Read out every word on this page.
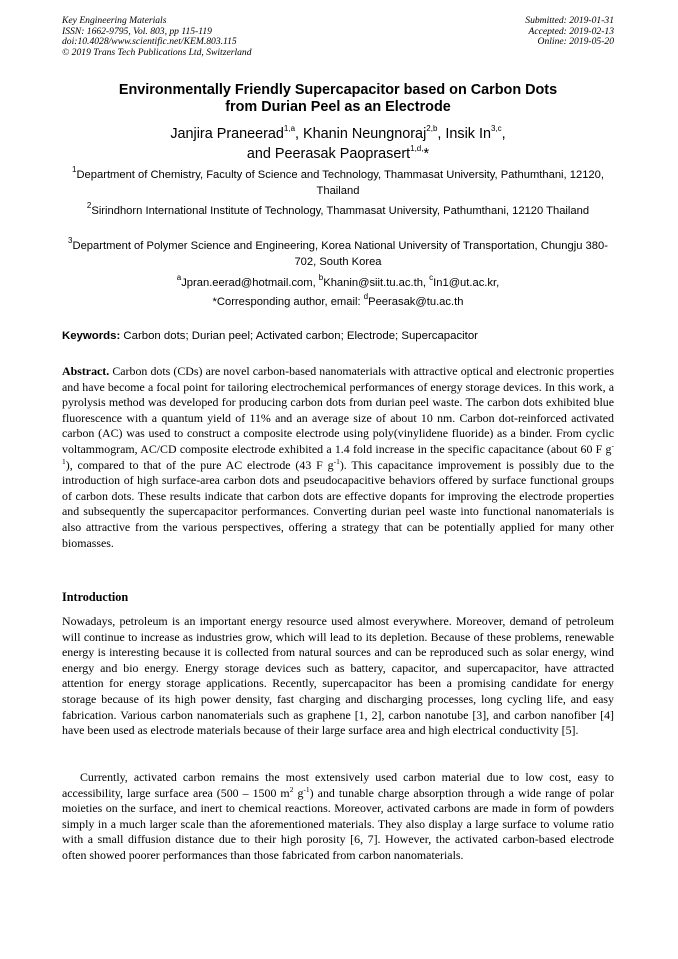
Key Engineering Materials
ISSN: 1662-9795, Vol. 803, pp 115-119
doi:10.4028/www.scientific.net/KEM.803.115
© 2019 Trans Tech Publications Ltd, Switzerland
Submitted: 2019-01-31
Accepted: 2019-02-13
Online: 2019-05-20
Environmentally Friendly Supercapacitor based on Carbon Dots
from Durian Peel as an Electrode
Janjira Praneerad$^{1,a}$, Khanin Neungnoraj$^{2,b}$, Insik In$^{3,c}$,
and Peerasak Paoprasert$^{1,d,}$*
$^1$Department of Chemistry, Faculty of Science and Technology, Thammasat University, Pathumthani, 12120, Thailand
$^2$Sirindhorn International Institute of Technology, Thammasat University, Pathumthani, 12120 Thailand
$^3$Department of Polymer Science and Engineering, Korea National University of Transportation, Chungju 380-702, South Korea
$^a$Jpran.eerad@hotmail.com, $^b$Khanin@siit.tu.ac.th, $^c$In1@ut.ac.kr,
*Corresponding author, email: $^d$Peerasak@tu.ac.th
Keywords: Carbon dots; Durian peel; Activated carbon; Electrode; Supercapacitor
Abstract. Carbon dots (CDs) are novel carbon-based nanomaterials with attractive optical and electronic properties and have become a focal point for tailoring electrochemical performances of energy storage devices. In this work, a pyrolysis method was developed for producing carbon dots from durian peel waste. The carbon dots exhibited blue fluorescence with a quantum yield of 11% and an average size of about 10 nm. Carbon dot-reinforced activated carbon (AC) was used to construct a composite electrode using poly(vinylidene fluoride) as a binder. From cyclic voltammogram, AC/CD composite electrode exhibited a 1.4 fold increase in the specific capacitance (about 60 F $g^{-1}$), compared to that of the pure AC electrode (43 F $g^{-1}$). This capacitance improvement is possibly due to the introduction of high surface-area carbon dots and pseudocapacitive behaviors offered by surface functional groups of carbon dots. These results indicate that carbon dots are effective dopants for improving the electrode properties and subsequently the supercapacitor performances. Converting durian peel waste into functional nanomaterials is also attractive from the various perspectives, offering a strategy that can be potentially applied for many other biomasses.
Introduction
Nowadays, petroleum is an important energy resource used almost everywhere. Moreover, demand of petroleum will continue to increase as industries grow, which will lead to its depletion. Because of these problems, renewable energy is interesting because it is collected from natural sources and can be reproduced such as solar energy, wind energy and bio energy. Energy storage devices such as battery, capacitor, and supercapacitor, have attracted attention for energy storage applications. Recently, supercapacitor has been a promising candidate for energy storage because of its high power density, fast charging and discharging processes, long cycling life, and easy fabrication. Various carbon nanomaterials such as graphene [1, 2], carbon nanotube [3], and carbon nanofiber [4] have been used as electrode materials because of their large surface area and high electrical conductivity [5].
Currently, activated carbon remains the most extensively used carbon material due to low cost, easy to accessibility, large surface area (500 – 1500 $m^2$ $g^{-1}$) and tunable charge absorption through a wide range of polar moieties on the surface, and inert to chemical reactions. Moreover, activated carbons are made in form of powders simply in a much larger scale than the aforementioned materials. They also display a large surface to volume ratio with a small diffusion distance due to their high porosity [6, 7]. However, the activated carbon-based electrode often showed poorer performances than those fabricated from carbon nanomaterials.
